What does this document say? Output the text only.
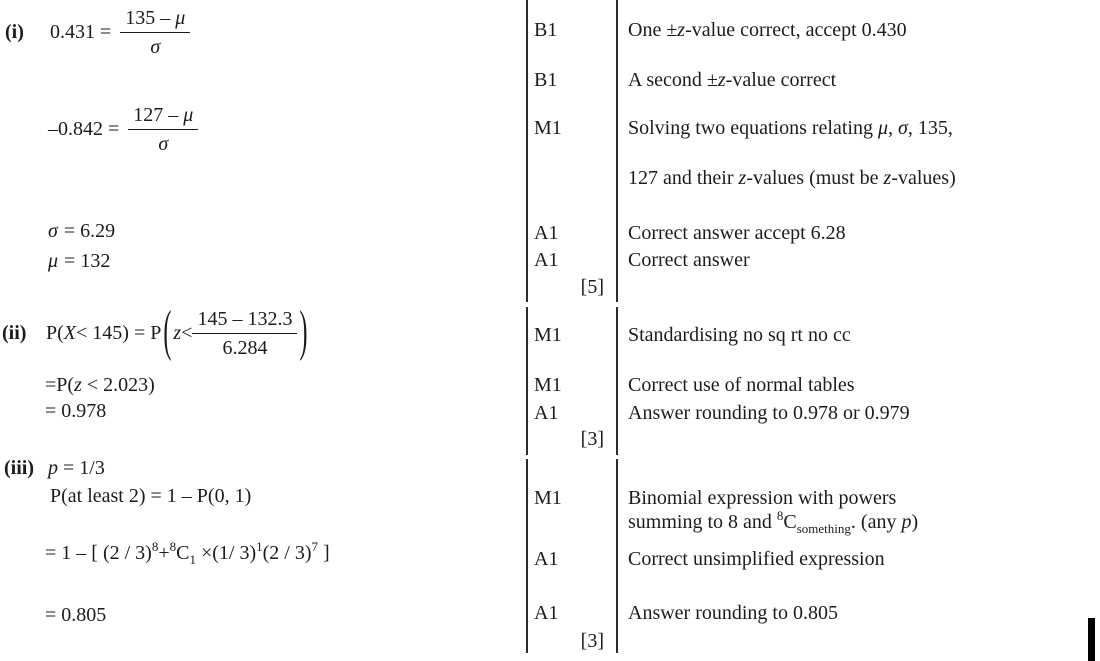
(i)	$0.431 = \frac{135 - \mu}{\sigma}$
$-0.842 = \frac{127 - \mu}{\sigma}$
σ = 6.29
μ = 132
(ii) P( X < 145) = P ( $z < \frac{145 - 132.3}{6.284}$ )
=P(z < 2.023)
= 0.978
(iii) p = 1/3
P(at least 2) = 1 – P(0, 1)
= 1 – [ $(2 / 3)^8+^8C_1 \times(1/$ 3)$^1$(2 / 3)$^7$ ]
= 0.805
B1
B1
M1
A1
A1
[5]
M1
M1
A1
[3]
M1
A1
A1
[3]
One ±z-value correct, accept 0.430
A second ±z-value correct
Solving two equations relating μ, σ, 135,
127 and their z-values (must be z-values)
Correct answer accept 6.28
Correct answer
Standardising no sq rt no cc
Correct use of normal tables
Answer rounding to 0.978 or 0.979
Binomial expression with powers
summing to 8 and $^8C_{something}$. (any p)
Correct unsimplified expression
Answer rounding to 0.805
